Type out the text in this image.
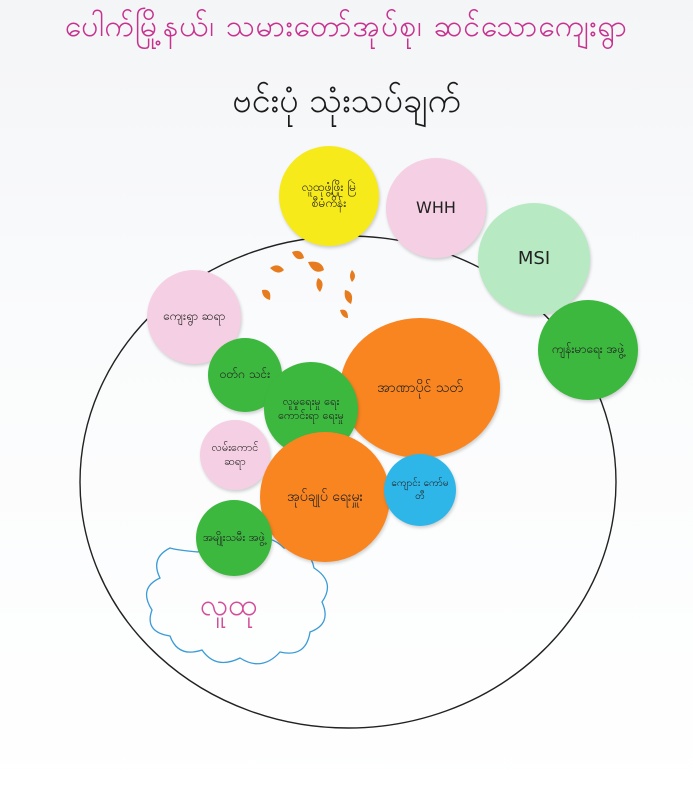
ပေါက်မြို့နယ်၊ သမားတော်အုပ်စု၊ ဆင်သောကျေးရွာ
ဗင်းပုံ သုံးသပ်ချက်
လူထု
လူထုဖွံ့ဖြိုး မြဲစီမံကိန်း	WHH
MSI
ကျန်းမာရေး အဖွဲ့
ကျေးရွာ ဆရာ
ဝတ်ဂ သင်း
အာဏာပိုင် သတ်
လူမှုရေးမှု ရေး ကောင်းရာ ရေးမှု
လမ်းကောင် ဆရာ
အုပ်ချုပ် ရေးမှူး
ကျောင်း ကော်မ တီ
အမျိုးသမီး အဖွဲ့
